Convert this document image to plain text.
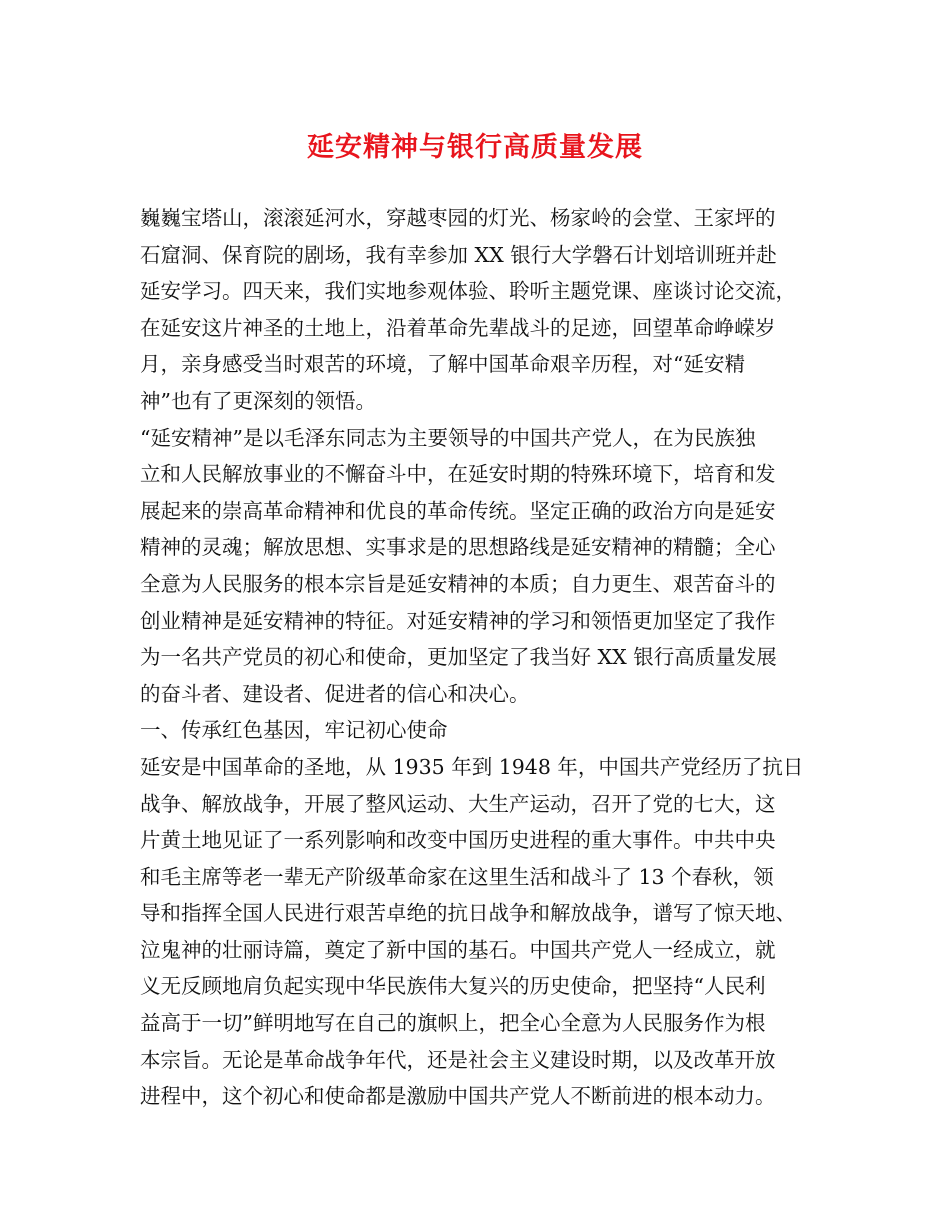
延安精神与银行高质量发展
巍巍宝塔山，滚滚延河水，穿越枣园的灯光、杨家岭的会堂、王家坪的
石窟洞、保育院的剧场，我有幸参加 XX 银行大学磐石计划培训班并赴
延安学习。四天来，我们实地参观体验、聆听主题党课、座谈讨论交流，
在延安这片神圣的土地上，沿着革命先辈战斗的足迹，回望革命峥嵘岁
月，亲身感受当时艰苦的环境，了解中国革命艰辛历程，对“延安精
神”也有了更深刻的领悟。
“延安精神”是以毛泽东同志为主要领导的中国共产党人，在为民族独
立和人民解放事业的不懈奋斗中，在延安时期的特殊环境下，培育和发
展起来的崇高革命精神和优良的革命传统。坚定正确的政治方向是延安
精神的灵魂；解放思想、实事求是的思想路线是延安精神的精髓；全心
全意为人民服务的根本宗旨是延安精神的本质；自力更生、艰苦奋斗的
创业精神是延安精神的特征。对延安精神的学习和领悟更加坚定了我作
为一名共产党员的初心和使命，更加坚定了我当好 XX 银行高质量发展
的奋斗者、建设者、促进者的信心和决心。
一、传承红色基因，牢记初心使命
延安是中国革命的圣地，从 1935 年到 1948 年，中国共产党经历了抗日
战争、解放战争，开展了整风运动、大生产运动，召开了党的七大，这
片黄土地见证了一系列影响和改变中国历史进程的重大事件。中共中央
和毛主席等老一辈无产阶级革命家在这里生活和战斗了 13 个春秋，领
导和指挥全国人民进行艰苦卓绝的抗日战争和解放战争，谱写了惊天地、
泣鬼神的壮丽诗篇，奠定了新中国的基石。中国共产党人一经成立，就
义无反顾地肩负起实现中华民族伟大复兴的历史使命，把坚持“人民利
益高于一切”鲜明地写在自己的旗帜上，把全心全意为人民服务作为根
本宗旨。无论是革命战争年代，还是社会主义建设时期，以及改革开放
进程中，这个初心和使命都是激励中国共产党人不断前进的根本动力。
